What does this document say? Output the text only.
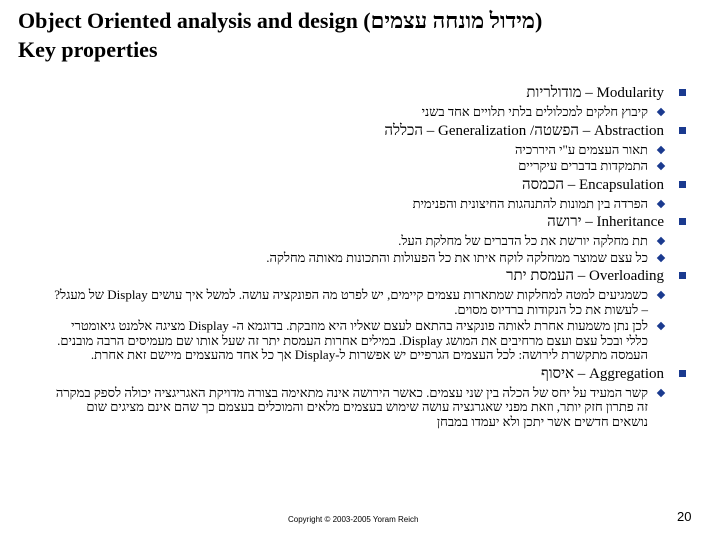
Object Oriented analysis and design (מידול מונחה עצמים)
Key properties
Modularity – מודולריות
קיבוץ חלקים למכלולים בלתי תלויים אחד בשני
Abstraction – הפשטה/ Generalization – הכללה
תאור העצמים ע"י היררכיה
התמקדות בדברים עיקריים
Encapsulation – הכמסה
הפרדה בין תמונות להתנהגות החיצונית והפנימית
Inheritance – ירושה
תת מחלקה יורשת את כל הדברים של מחלקת העל.
כל עצם שמוצר ממחלקה לוקח איתו את כל הפעולות והתכונות מאותה מחלקה.
Overloading – העמסת יתר
כשמגיעים למטה למחלקות שמתארות עצמים קיימים, יש לפרט מה הפונקציה עושה. למשל איך עושים Display של מעגל? – לעשות את כל הנקודות ברדיוס מסוים.
לכן נתן משמעות אחרת לאותה פונקציה בהתאם לעצם שאליו היא מוזבקת. בדוגמא ה- Display מציגה אלמנט גיאומטרי כללי ובכל עצם ועצם מרחיבים את המושג Display. במילים אחרות העמסת יתר זה שעל אותו שם מעמיסים הרבה מובנים. העמסה מתקשרת לירושה: לכל העצמים הגרפיים יש אפשרות ל-Display אך כל אחד מהעצמים מיישם זאת אחרת.
Aggregation – איסוף
קשר המעיד על יחס של הכלה בין שני עצמים. כאשר הירושה אינה מתאימה בצורה מדויקת האגריגציה יכולה לספק במקרה זה פתרון חזק יותר, וזאת מפני שאגרגציה עושה שימוש בעצמים מלאים והמוכלים בעצמם כך שהם אינם מציגים שום נושאים חדשים אשר יתכן ולא יעמדו במבחן
Copyright © 2003-2005 Yoram Reich	20
